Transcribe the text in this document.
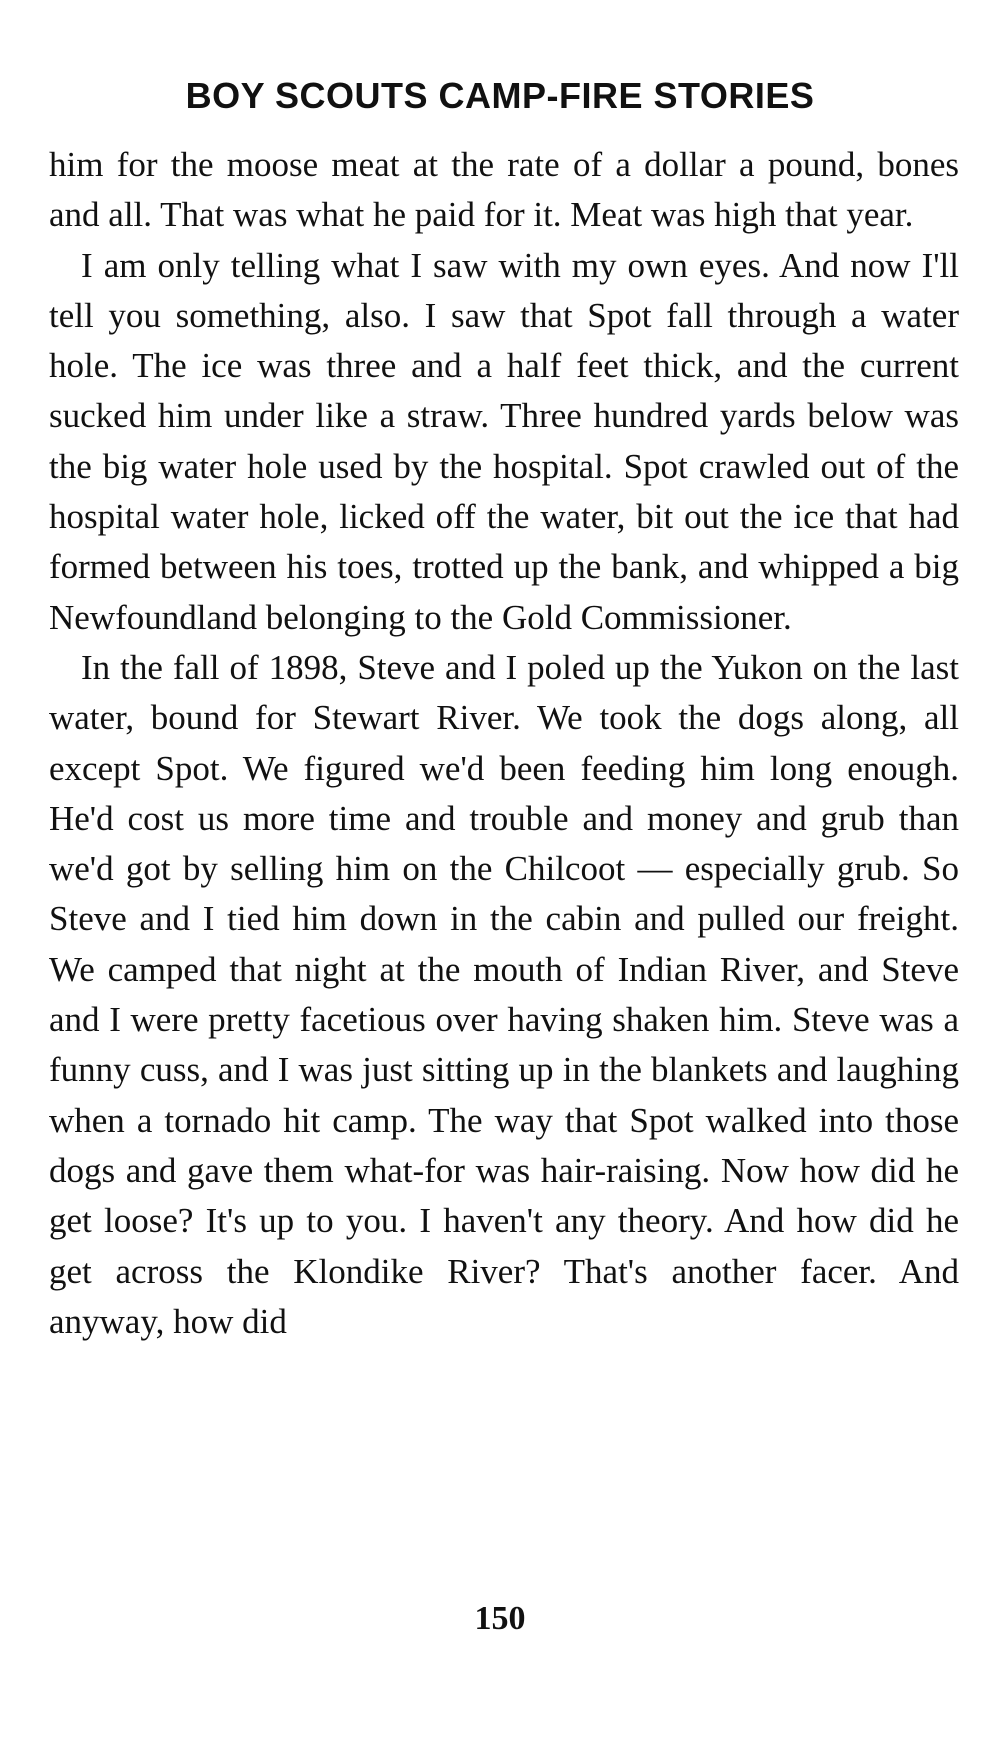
BOY SCOUTS CAMP-FIRE STORIES

him for the moose meat at the rate of a dollar a pound, bones and all. That was what he paid for it. Meat was high that year.

I am only telling what I saw with my own eyes. And now I'll tell you something, also. I saw that Spot fall through a water hole. The ice was three and a half feet thick, and the current sucked him under like a straw. Three hundred yards below was the big water hole used by the hospital. Spot crawled out of the hospital water hole, licked off the water, bit out the ice that had formed between his toes, trotted up the bank, and whipped a big Newfoundland belonging to the Gold Commissioner.

In the fall of 1898, Steve and I poled up the Yukon on the last water, bound for Stewart River. We took the dogs along, all except Spot. We figured we'd been feeding him long enough. He'd cost us more time and trouble and money and grub than we'd got by selling him on the Chilcoot — especially grub. So Steve and I tied him down in the cabin and pulled our freight. We camped that night at the mouth of Indian River, and Steve and I were pretty facetious over having shaken him. Steve was a funny cuss, and I was just sitting up in the blankets and laughing when a tornado hit camp. The way that Spot walked into those dogs and gave them what-for was hair-raising. Now how did he get loose? It's up to you. I haven't any theory. And how did he get across the Klondike River? That's another facer. And anyway, how did

150
